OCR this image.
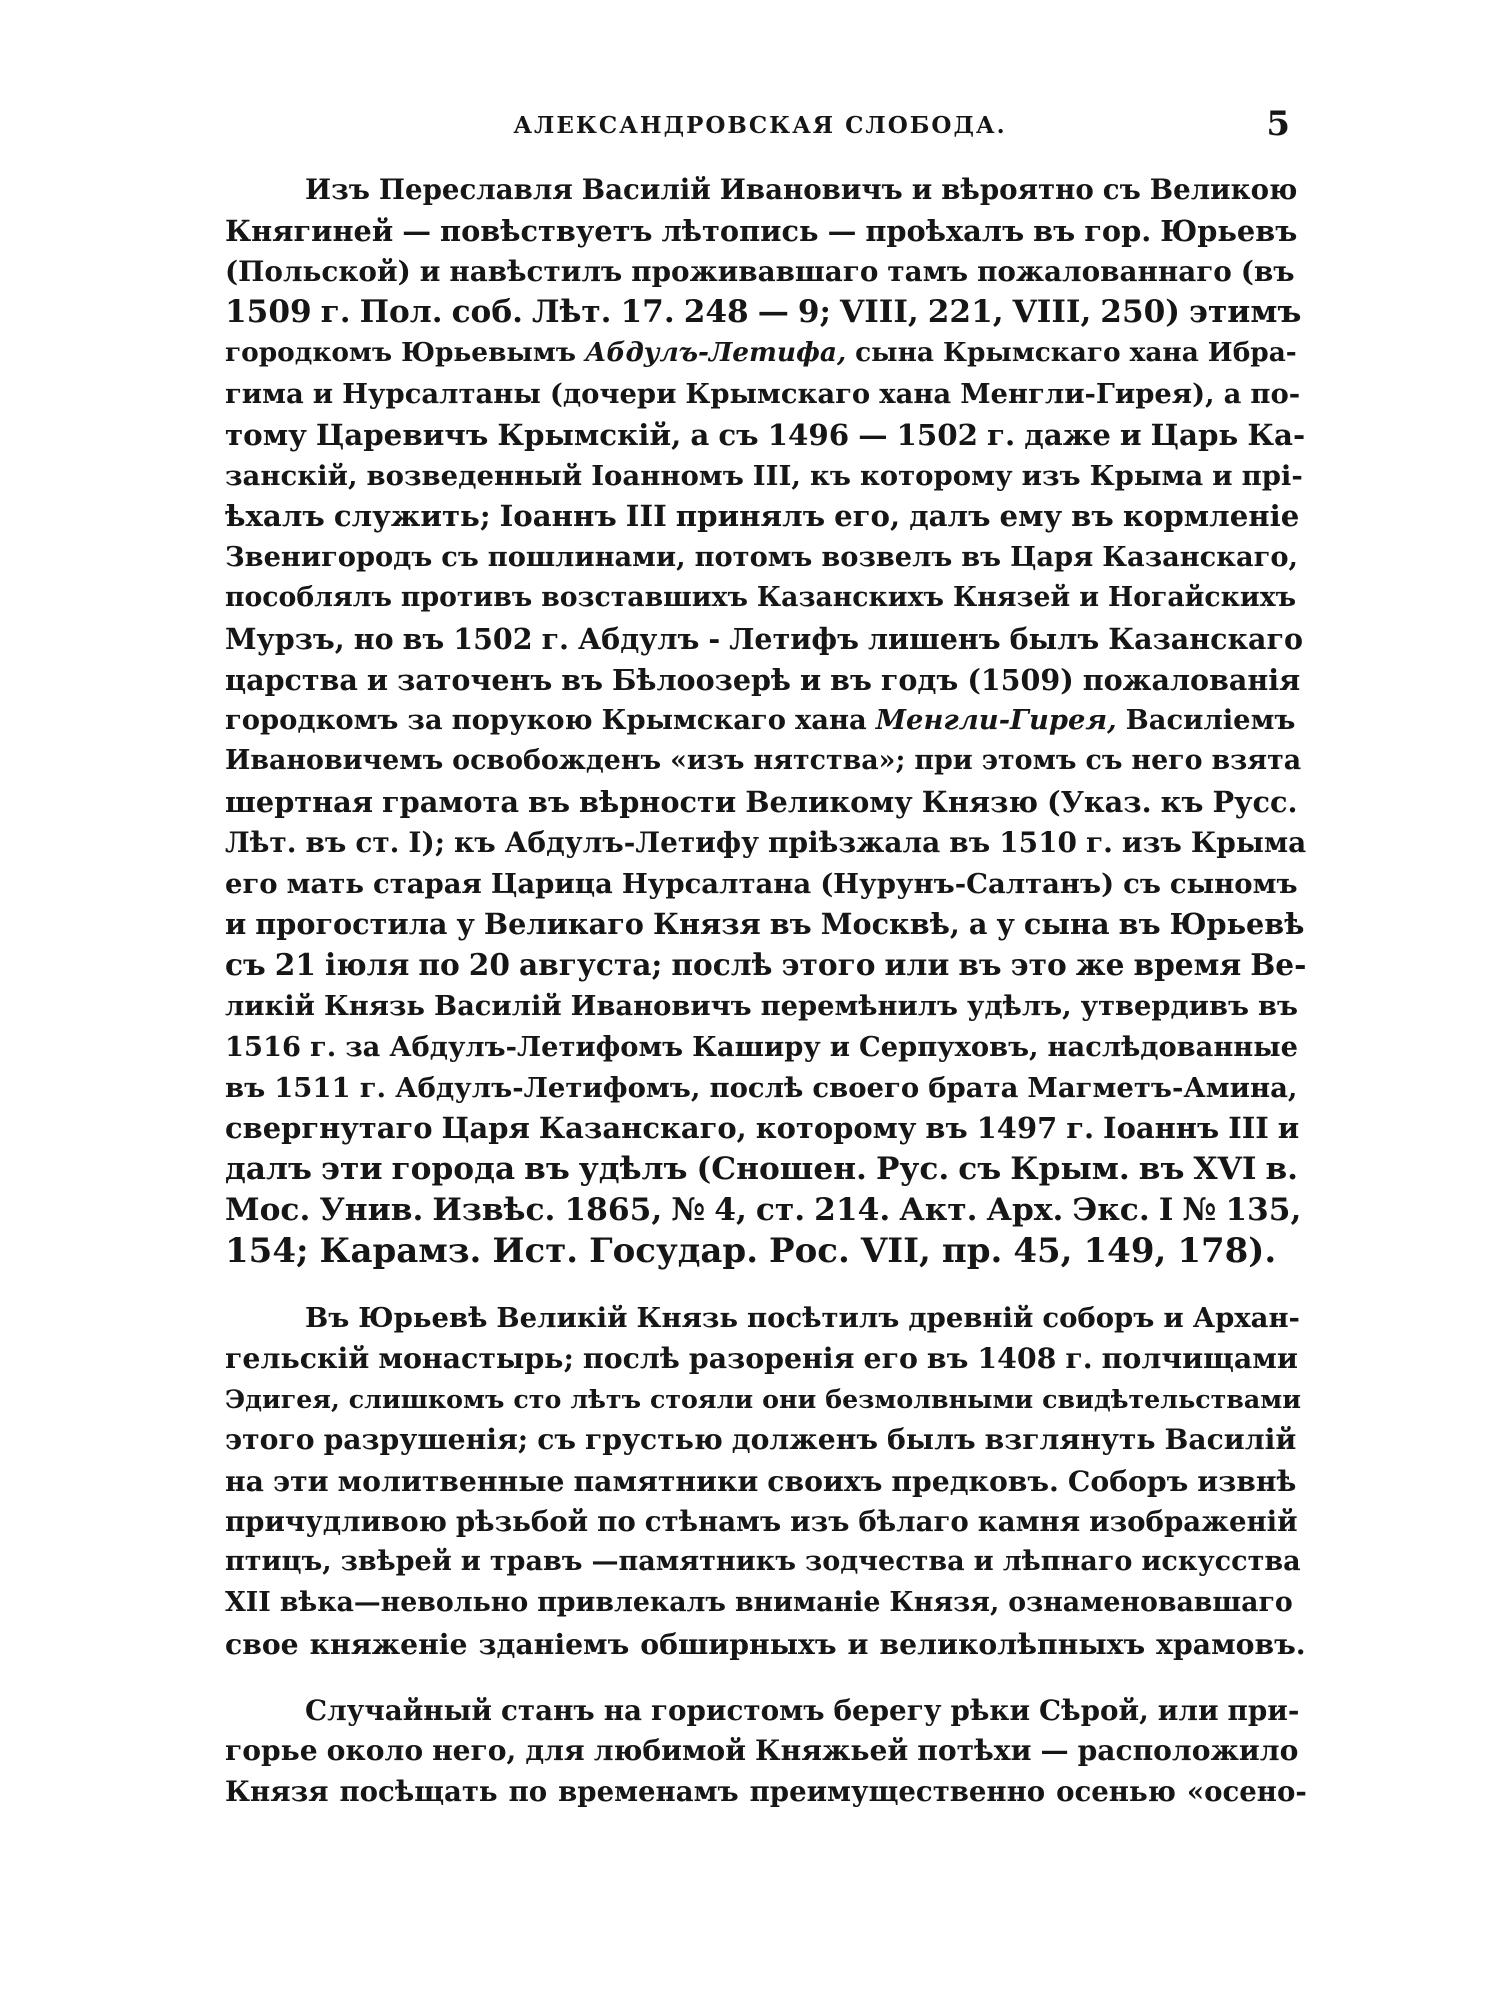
АЛЕКСАНДРОВСКАЯ СЛОБОДА.	5
Изъ Переславля Василій Ивановичъ и вѣроятно съ Великою
Княгиней — повѣствуетъ лѣтопись — проѣхалъ въ гор. Юрьевъ
(Польской) и навѣстилъ проживавшаго тамъ пожалованнаго (въ
1509 г. Пол. соб. Лѣт. 17. 248 — 9; VIII, 221, VIII, 250) этимъ
городкомъ Юрьевымъ Абдулъ-Летифа, сына Крымскаго хана Ибра-
гима и Нурсалтаны (дочери Крымскаго хана Менгли-Гирея), а по-
тому Царевичъ Крымскій, а съ 1496 — 1502 г. даже и Царь Ка-
занскій, возведенный Іоанномъ III, къ которому изъ Крыма и прі-
ѣхалъ служить; Іоаннъ III принялъ его, далъ ему въ кормленіе
Звенигородъ съ пошлинами, потомъ возвелъ въ Царя Казанскаго,
пособлялъ противъ возставшихъ Казанскихъ Князей и Ногайскихъ
Мурзъ, но въ 1502 г. Абдулъ - Летифъ лишенъ былъ Казанскаго
царства и заточенъ въ Бѣлоозерѣ и въ годъ (1509) пожалованія
городкомъ за порукою Крымскаго хана Менгли-Гирея, Василіемъ
Ивановичемъ освобожденъ «изъ нятства»; при этомъ съ него взята
шертная грамота въ вѣрности Великому Князю (Указ. къ Русс.
Лѣт. въ ст. I); къ Абдулъ-Летифу пріѣзжала въ 1510 г. изъ Крыма
его мать старая Царица Нурсалтана (Нурунъ-Салтанъ) съ сыномъ
и прогостила у Великаго Князя въ Москвѣ, а у сына въ Юрьевѣ
съ 21 іюля по 20 августа; послѣ этого или въ это же время Ве-
ликій Князь Василій Ивановичъ перемѣнилъ удѣлъ, утвердивъ въ
1516 г. за Абдулъ-Летифомъ Каширу и Серпуховъ, наслѣдованные
въ 1511 г. Абдулъ-Летифомъ, послѣ своего брата Магметъ-Амина,
свергнутаго Царя Казанскаго, которому въ 1497 г. Іоаннъ III и
далъ эти города въ удѣлъ (Сношен. Рус. съ Крым. въ XVI в.
Мос. Унив. Извѣс. 1865, № 4, ст. 214. Акт. Арх. Экс. I № 135,
154; Карамз. Ист. Государ. Рос. VII, пр. 45, 149, 178).
Въ Юрьевѣ Великій Князь посѣтилъ древній соборъ и Архан-
гельскій монастырь; послѣ разоренія его въ 1408 г. полчищами
Эдигея, слишкомъ сто лѣтъ стояли они безмолвными свидѣтельствами
этого разрушенія; съ грустью долженъ былъ взглянуть Василій
на эти молитвенные памятники своихъ предковъ. Соборъ извнѣ
причудливою рѣзьбой по стѣнамъ изъ бѣлаго камня изображеній
птицъ, звѣрей и травъ —памятникъ зодчества и лѣпнаго искусства
XII вѣка—невольно привлекалъ вниманіе Князя, ознаменовавшаго
свое княженіе зданіемъ обширныхъ и великолѣпныхъ храмовъ.
Случайный станъ на гористомъ берегу рѣки Сѣрой, или при-
горье около него, для любимой Княжьей потѣхи — расположило
Князя посѣщать по временамъ преимущественно осенью «осено-
